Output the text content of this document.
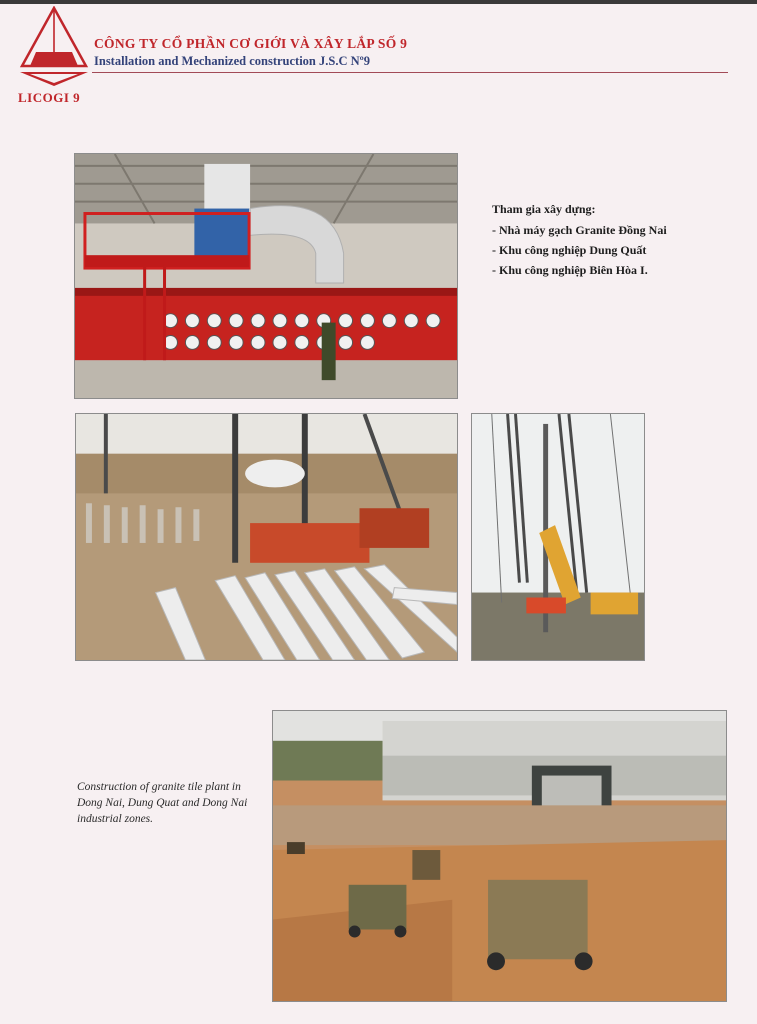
LICOGI 9
CÔNG TY CỔ PHẦN CƠ GIỚI VÀ XÂY LẮP SỐ 9
Installation and Mechanized construction J.S.C Nº9
Tham gia xây dựng:
- Nhà máy gạch Granite Đồng Nai
- Khu công nghiệp Dung Quất
- Khu công nghiệp Biên Hòa I.
Construction of granite tile plant in Dong Nai, Dung Quat and Dong Nai industrial zones.
